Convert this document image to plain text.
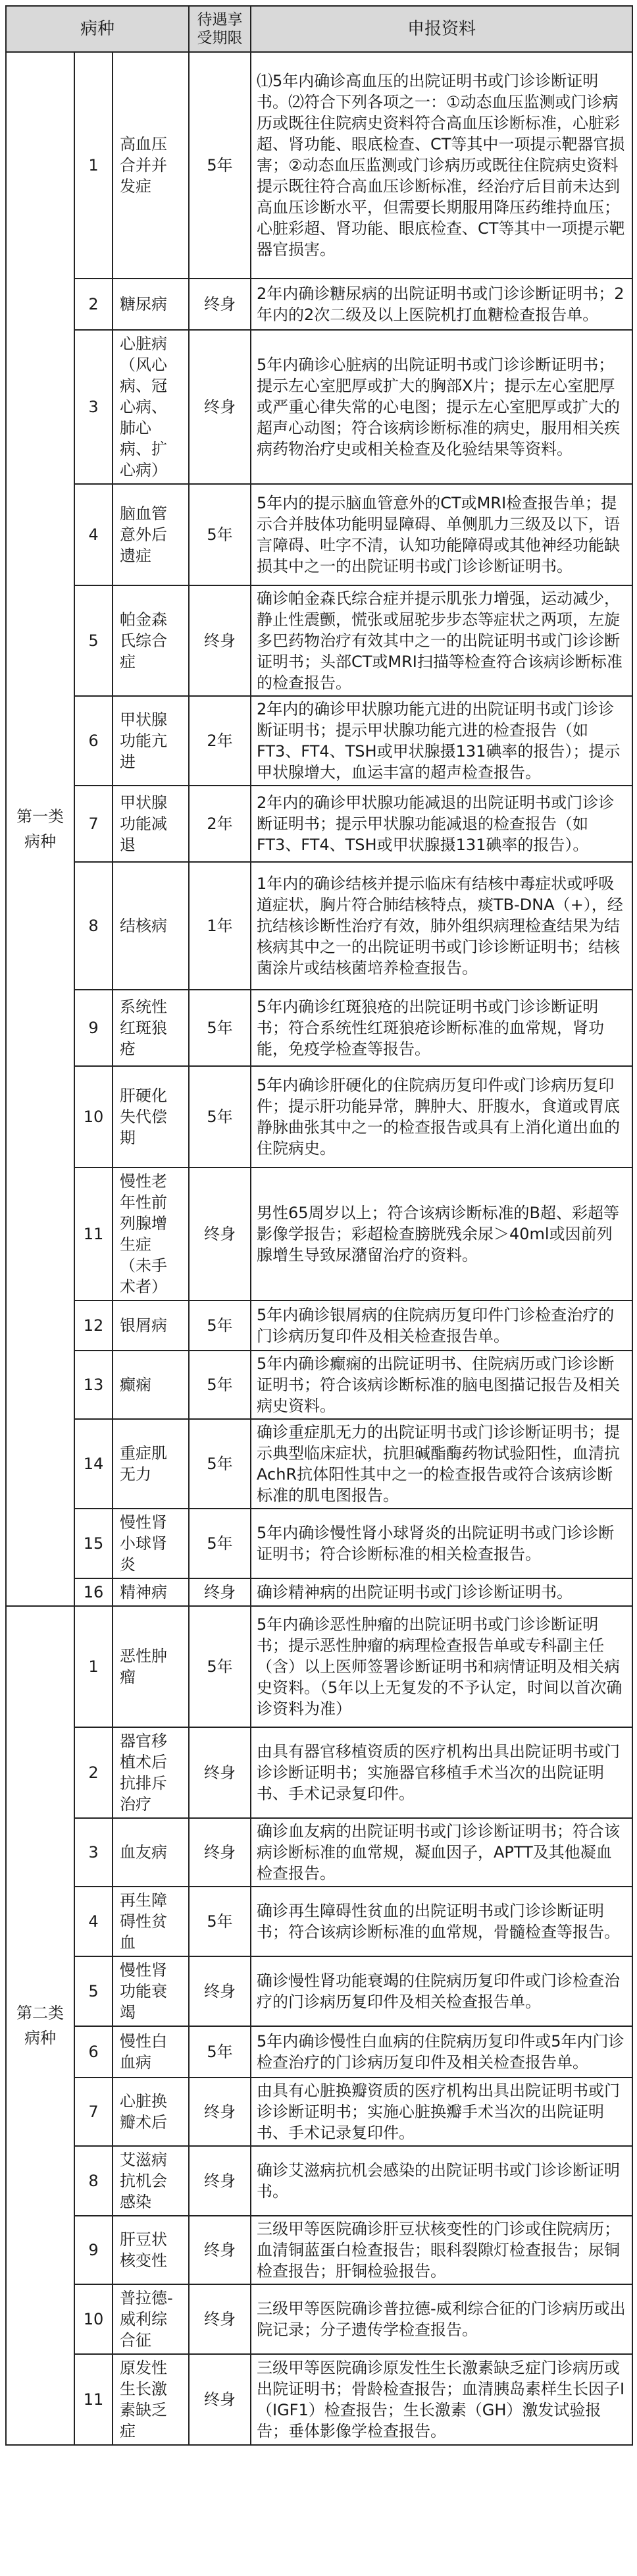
病种			待遇享受期限	申报资料
第一类病种	1	高血压合并并发症	5年	⑴5年内确诊高血压的出院证明书或门诊诊断证明书。⑵符合下列各项之一：①动态血压监测或门诊病历或既往住院病史资料符合高血压诊断标准，心脏彩超、肾功能、眼底检查、CT等其中一项提示靶器官损害；②动态血压监测或门诊病历或既往住院病史资料提示既往符合高血压诊断标准，经治疗后目前未达到高血压诊断水平，但需要长期服用降压药维持血压；心脏彩超、肾功能、眼底检查、CT等其中一项提示靶器官损害。
	2	糖尿病	终身	2年内确诊糖尿病的出院证明书或门诊诊断证明书；2年内的2次二级及以上医院机打血糖检查报告单。
	3	心脏病（风心病、冠心病、肺心病、扩心病）	终身	5年内确诊心脏病的出院证明书或门诊诊断证明书；提示左心室肥厚或扩大的胸部X片；提示左心室肥厚或严重心律失常的心电图；提示左心室肥厚或扩大的超声心动图；符合该病诊断标准的病史，服用相关疾病药物治疗史或相关检查及化验结果等资料。
	4	脑血管意外后遗症	5年	5年内的提示脑血管意外的CT或MRI检查报告单；提示合并肢体功能明显障碍、单侧肌力三级及以下，语言障碍、吐字不清，认知功能障碍或其他神经功能缺损其中之一的出院证明书或门诊诊断证明书。
	5	帕金森氏综合症	终身	确诊帕金森氏综合症并提示肌张力增强，运动减少，静止性震颤，慌张或屈驼步步态等症状之两项，左旋多巴药物治疗有效其中之一的出院证明书或门诊诊断证明书；头部CT或MRI扫描等检查符合该病诊断标准的检查报告。
	6	甲状腺功能亢进	2年	2年内的确诊甲状腺功能亢进的出院证明书或门诊诊断证明书；提示甲状腺功能亢进的检查报告（如FT3、FT4、TSH或甲状腺摄131碘率的报告）；提示甲状腺增大，血运丰富的超声检查报告。
	7	甲状腺功能减退	2年	2年内的确诊甲状腺功能减退的出院证明书或门诊诊断证明书；提示甲状腺功能减退的检查报告（如FT3、FT4、TSH或甲状腺摄131碘率的报告）。
	8	结核病	1年	1年内的确诊结核并提示临床有结核中毒症状或呼吸道症状，胸片符合肺结核特点，痰TB-DNA（+），经抗结核诊断性治疗有效，肺外组织病理检查结果为结核病其中之一的出院证明书或门诊诊断证明书；结核菌涂片或结核菌培养检查报告。
	9	系统性红斑狼疮	5年	5年内确诊红斑狼疮的出院证明书或门诊诊断证明书；符合系统性红斑狼疮诊断标准的血常规，肾功能，免疫学检查等报告。
	10	肝硬化失代偿期	5年	5年内确诊肝硬化的住院病历复印件或门诊病历复印件；提示肝功能异常，脾肿大、肝腹水，食道或胃底静脉曲张其中之一的检查报告或具有上消化道出血的住院病史。
	11	慢性老年性前列腺增生症（未手术者）	终身	男性65周岁以上；符合该病诊断标准的B超、彩超等影像学报告；彩超检查膀胱残余尿＞40ml或因前列腺增生导致尿潴留治疗的资料。
	12	银屑病	5年	5年内确诊银屑病的住院病历复印件门诊检查治疗的门诊病历复印件及相关检查报告单。
	13	癫痫	5年	5年内确诊癫痫的出院证明书、住院病历或门诊诊断证明书；符合该病诊断标准的脑电图描记报告及相关病史资料。
	14	重症肌无力	5年	确诊重症肌无力的出院证明书或门诊诊断证明书；提示典型临床症状，抗胆碱酯酶药物试验阳性，血清抗AchR抗体阳性其中之一的检查报告或符合该病诊断标准的肌电图报告。
	15	慢性肾小球肾炎	5年	5年内确诊慢性肾小球肾炎的出院证明书或门诊诊断证明书；符合诊断标准的相关检查报告。
	16	精神病	终身	确诊精神病的出院证明书或门诊诊断证明书。
第二类病种	1	恶性肿瘤	5年	5年内确诊恶性肿瘤的出院证明书或门诊诊断证明书；提示恶性肿瘤的病理检查报告单或专科副主任（含）以上医师签署诊断证明书和病情证明及相关病史资料。（5年以上无复发的不予认定，时间以首次确诊资料为准）
	2	器官移植术后抗排斥治疗	终身	由具有器官移植资质的医疗机构出具出院证明书或门诊诊断证明书；实施器官移植手术当次的出院证明书、手术记录复印件。
	3	血友病	终身	确诊血友病的出院证明书或门诊诊断证明书；符合该病诊断标准的血常规，凝血因子，APTT及其他凝血检查报告。
	4	再生障碍性贫血	5年	确诊再生障碍性贫血的出院证明书或门诊诊断证明书；符合该病诊断标准的血常规，骨髓检查等报告。
	5	慢性肾功能衰竭	终身	确诊慢性肾功能衰竭的住院病历复印件或门诊检查治疗的门诊病历复印件及相关检查报告单。
	6	慢性白血病	5年	5年内确诊慢性白血病的住院病历复印件或5年内门诊检查治疗的门诊病历复印件及相关检查报告单。
	7	心脏换瓣术后	终身	由具有心脏换瓣资质的医疗机构出具出院证明书或门诊诊断证明书；实施心脏换瓣手术当次的出院证明书、手术记录复印件。
	8	艾滋病抗机会感染	终身	确诊艾滋病抗机会感染的出院证明书或门诊诊断证明书。
	9	肝豆状核变性	终身	三级甲等医院确诊肝豆状核变性的门诊或住院病历；血清铜蓝蛋白检查报告；眼科裂隙灯检查报告；尿铜检查报告；肝铜检验报告。
	10	普拉德-威利综合征	终身	三级甲等医院确诊普拉德-威利综合征的门诊病历或出院记录；分子遗传学检查报告。
	11	原发性生长激素缺乏症	终身	三级甲等医院确诊原发性生长激素缺乏症门诊病历或出院证明书；骨龄检查报告；血清胰岛素样生长因子Ⅰ（IGF1）检查报告；生长激素（GH）激发试验报告；垂体影像学检查报告。
